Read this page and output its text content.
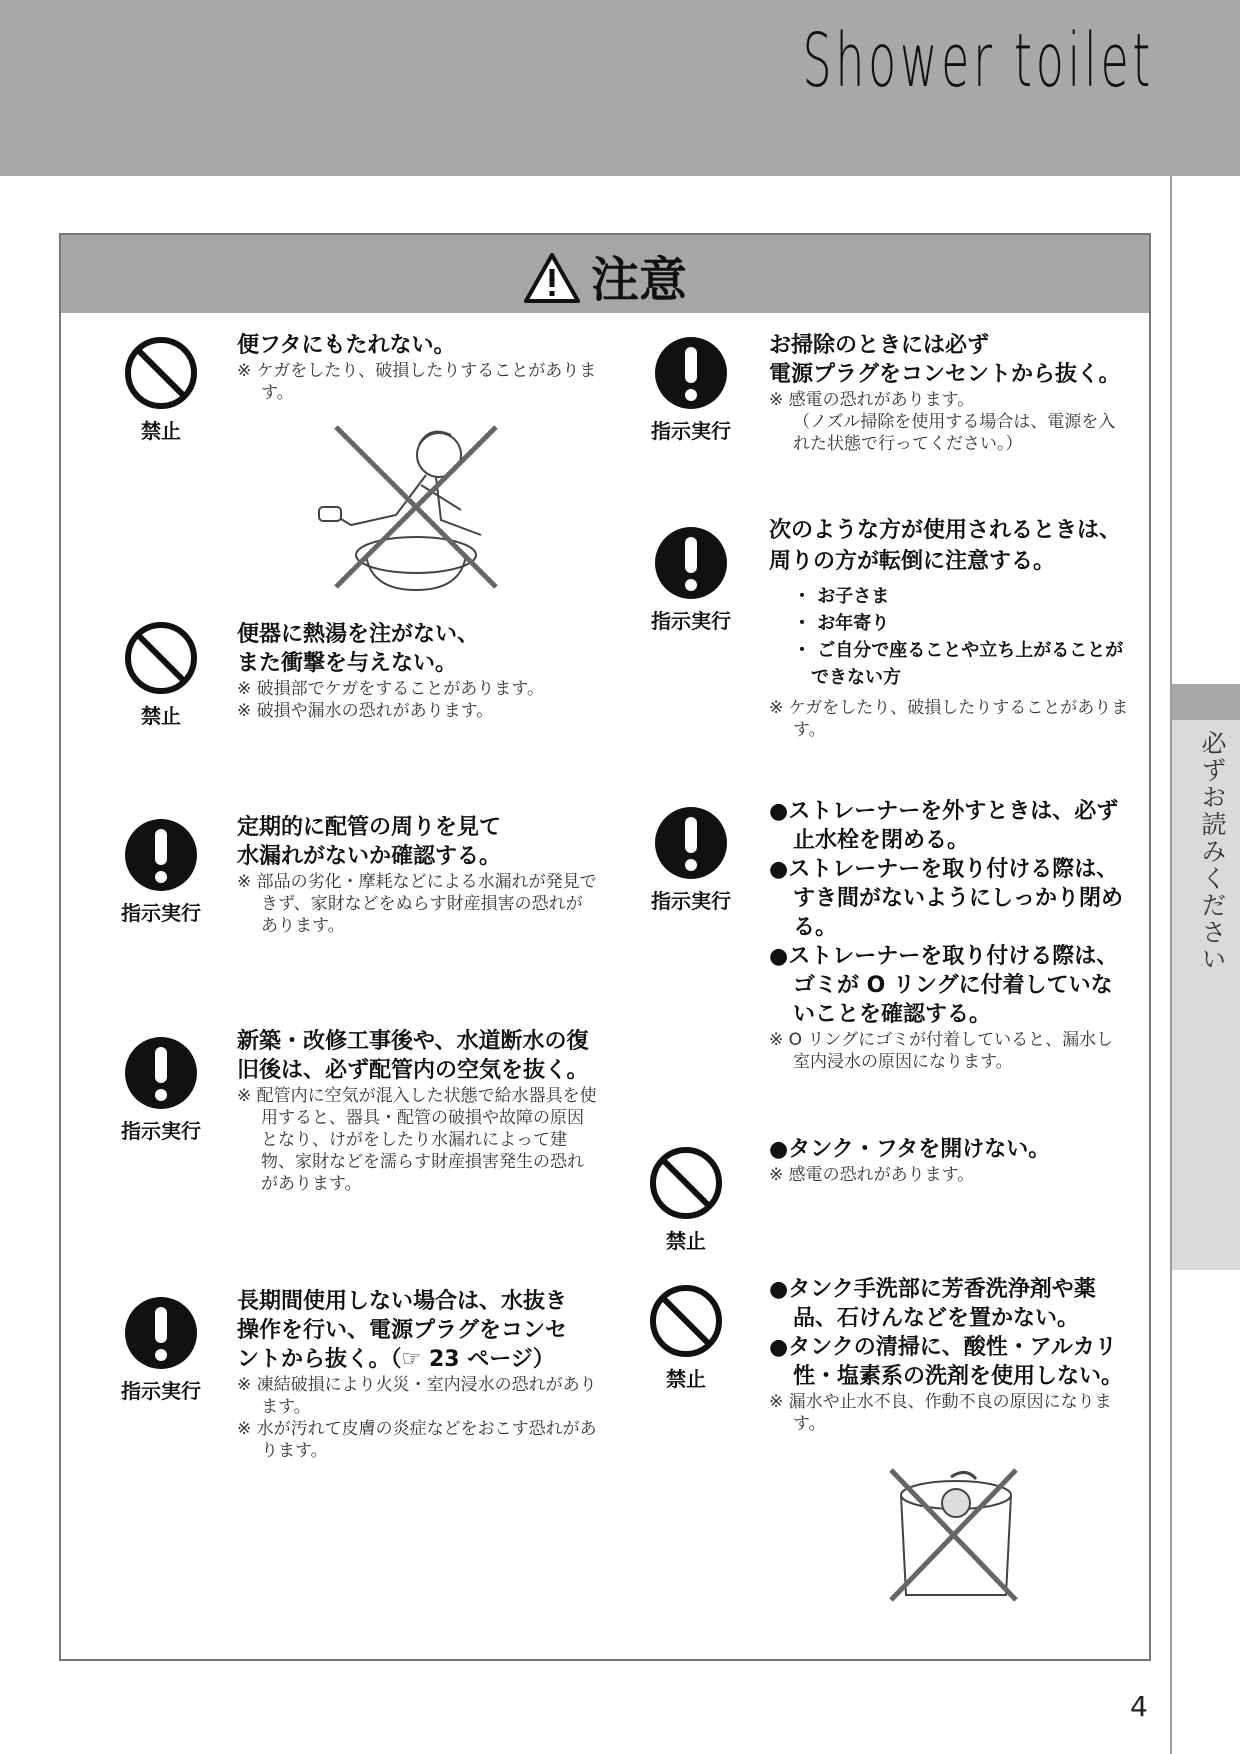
Shower toilet
必ずお読みください
注意
禁止

便フタにもたれない。

※ ケガをしたり、破損したりすることがあります。

禁止

便器に熱湯を注がない、

また衝撃を与えない。

※ 破損部でケガをすることがあります。

※ 破損や漏水の恐れがあります。

指示実行

定期的に配管の周りを見て

水漏れがないか確認する。

※ 部品の劣化・摩耗などによる水漏れが発見できず、家財などをぬらす財産損害の恐れがあります。

指示実行

新築・改修工事後や、水道断水の復

旧後は、必ず配管内の空気を抜く。

※ 配管内に空気が混入した状態で給水器具を使用すると、器具・配管の破損や故障の原因となり、けがをしたり水漏れによって建物、家財などを濡らす財産損害発生の恐れがあります。

指示実行

長期間使用しない場合は、水抜き

操作を行い、電源プラグをコンセ

ントから抜く。（☞ 23 ページ）

※ 凍結破損により火災・室内浸水の恐れがあります。

※ 水が汚れて皮膚の炎症などをおこす恐れがあります。

指示実行

お掃除のときには必ず

電源プラグをコンセントから抜く。

※ 感電の恐れがあります。

（ノズル掃除を使用する場合は、電源を入れた状態で行ってください。）

指示実行

次のような方が使用されるときは、

周りの方が転倒に注意する。

・ お子さま
・ お年寄り
・ ご自分で座ることや立ち上がることができない方

※ ケガをしたり、破損したりすることがあります。

指示実行

●ストレーナーを外すときは、必ず止水栓を閉める。

●ストレーナーを取り付ける際は、すき間がないようにしっかり閉める。

●ストレーナーを取り付ける際は、ゴミが O リングに付着していないことを確認する。

※ O リングにゴミが付着していると、漏水し室内浸水の原因になります。

禁止

●タンク・フタを開けない。

※ 感電の恐れがあります。

禁止

●タンク手洗部に芳香洗浄剤や薬品、石けんなどを置かない。

●タンクの清掃に、酸性・アルカリ性・塩素系の洗剤を使用しない。

※ 漏水や止水不良、作動不良の原因になります。

4
